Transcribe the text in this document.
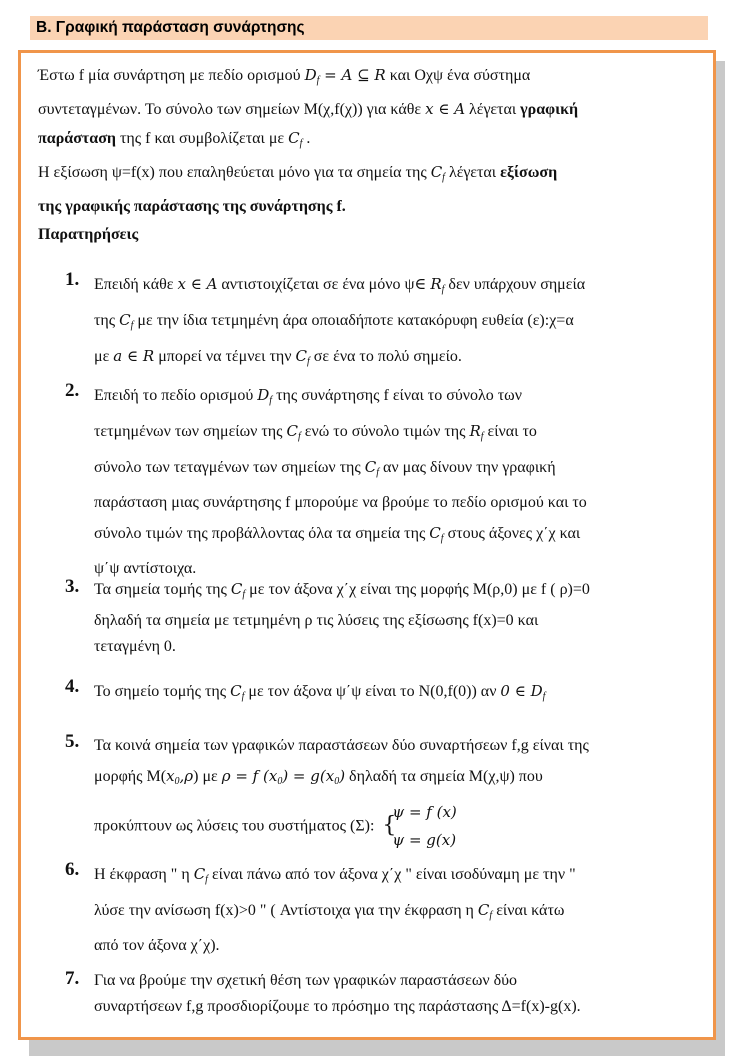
B. Γραφική παράσταση συνάρτησης
Έστω f μία συνάρτηση με πεδίο ορισμού $D_f = A$ ⊆ R και Oχψ ένα σύστημα
συντεταγμένων. Το σύνολο των σημείων Μ(χ,f(χ)) για κάθε x ∈ A λέγεται γραφική
παράσταση της f και συμβολίζεται με $C_f$ .
Η εξίσωση ψ=f(x) που επαληθεύεται μόνο για τα σημεία της $C_f$ λέγεται εξίσωση
της γραφικής παράστασης της συνάρτησης f.
Παρατηρήσεις
1. Επειδή κάθε x ∈ A αντιστοιχίζεται σε ένα μόνο ψ∈ $R_f$ δεν υπάρχουν σημεία
της $C_f$ με την ίδια τετμημένη άρα οποιαδήποτε κατακόρυφη ευθεία (ε):χ=α
με a ∈ R μπορεί να τέμνει την $C_f$ σε ένα το πολύ σημείο.
2. Επειδή το πεδίο ορισμού $D_f$ της συνάρτησης f είναι το σύνολο των
τετμημένων των σημείων της $C_f$ ενώ το σύνολο τιμών της $R_f$ είναι το
σύνολο των τεταγμένων των σημείων της $C_f$ αν μας δίνουν την γραφική
παράσταση μιας συνάρτησης f μπορούμε να βρούμε το πεδίο ορισμού και το
σύνολο τιμών της προβάλλοντας όλα τα σημεία της $C_f$ στους άξονες χ΄χ και
ψ΄ψ αντίστοιχα.
3. Τα σημεία τομής της $C_f$ με τον άξονα χ΄χ είναι της μορφής Μ(ρ,0) με f ( ρ)=0
δηλαδή τα σημεία με τετμημένη ρ τις λύσεις της εξίσωσης f(x)=0 και
τεταγμένη 0.
4. Το σημείο τομής της $C_f$ με τον άξονα ψ΄ψ είναι το Ν(0,f(0)) αν 0 ∈ $D_f$
5. Τα κοινά σημεία των γραφικών παραστάσεων δύο συναρτήσεων f,g είναι της
μορφής $M(x_0,\rho)$ με ρ = f $(x_0) = g(x_0)$ δηλαδή τα σημεία Μ(χ,ψ) που
προκύπτουν ως λύσεις του συστήματος (Σ): {
ψ = f (x)
ψ = g(x)
6. Η έκφραση " η $C_f$ είναι πάνω από τον άξονα χ΄χ " είναι ισοδύναμη με την "
λύσε την ανίσωση f(x)>0 " ( Αντίστοιχα για την έκφραση η $C_f$ είναι κάτω
από τον άξονα χ΄χ).
7. Για να βρούμε την σχετική θέση των γραφικών παραστάσεων δύο
συναρτήσεων f,g προσδιορίζουμε το πρόσημο της παράστασης Δ=f(x)-g(x).
